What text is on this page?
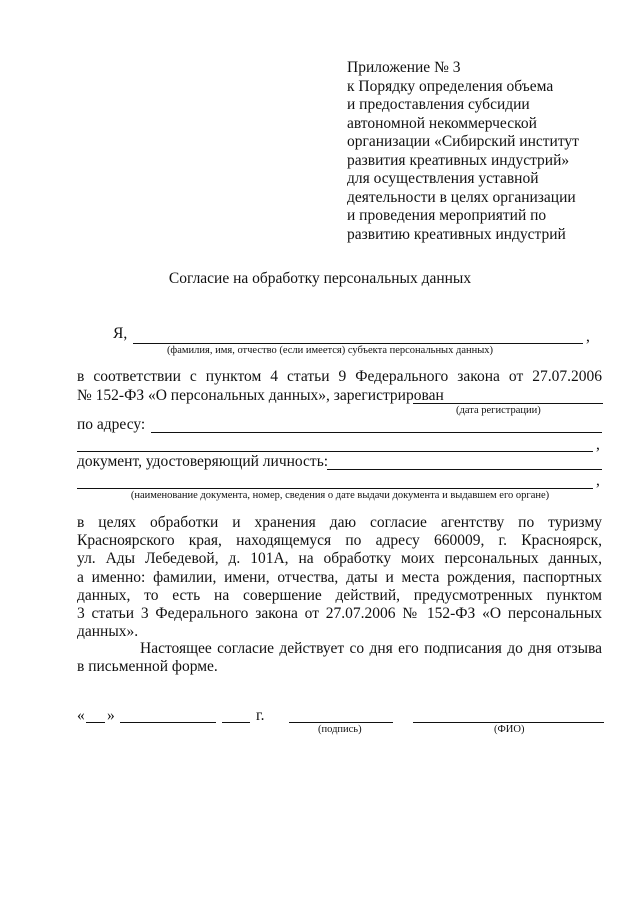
Приложение № 3
к Порядку определения объема
и предоставления субсидии
автономной некоммерческой
организации «Сибирский институт
развития креативных индустрий»
для осуществления уставной
деятельности в целях организации
и проведения мероприятий по
развитию креативных индустрий
Согласие на обработку персональных данных
Я,	,
(фамилия, имя, отчество (если имеется) субъекта персональных данных)
в соответствии с пунктом 4 статьи 9 Федерального закона от 27.07.2006
№ 152-ФЗ «О персональных данных», зарегистрирован
(дата регистрации)
по адресу:
,
документ, удостоверяющий личность:
,
(наименование документа, номер, сведения о дате выдачи документа и выдавшем его органе)
в целях обработки и хранения даю согласие агентству по туризму
Красноярского края, находящемуся по адресу 660009, г. Красноярск,
ул. Ады Лебедевой, д. 101А, на обработку моих персональных данных,
а именно: фамилии, имени, отчества, даты и места рождения, паспортных
данных, то есть на совершение действий, предусмотренных пунктом
3 статьи 3 Федерального закона от 27.07.2006 № 152-ФЗ «О персональных
данных».
Настоящее согласие действует со дня его подписания до дня отзыва
в письменной форме.
« »	г.
(подпись)	(ФИО)
